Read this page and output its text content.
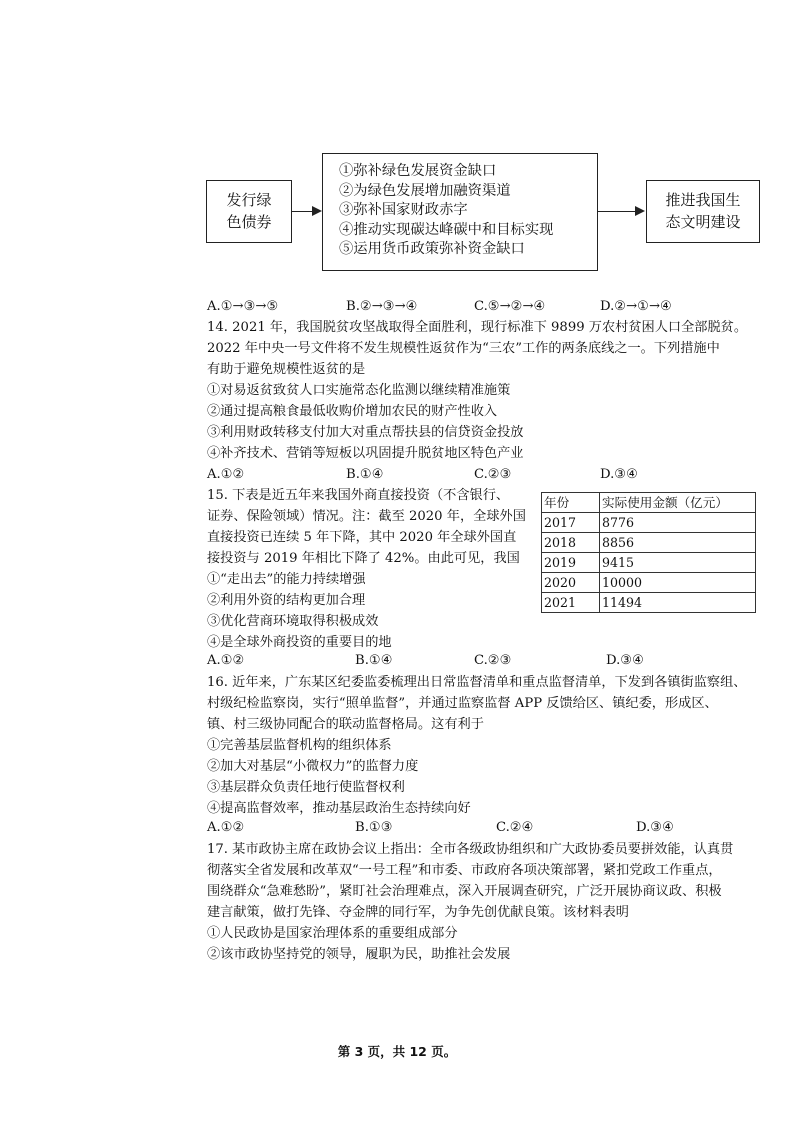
发行绿
色债券
①弥补绿色发展资金缺口
②为绿色发展增加融资渠道
③弥补国家财政赤字
④推动实现碳达峰碳中和目标实现
⑤运用货币政策弥补资金缺口
推进我国生
态文明建设
A.①→③→⑤	B.②→③→④	C.⑤→②→④	D.②→①→④
14. 2021 年，我国脱贫攻坚战取得全面胜利，现行标准下 9899 万农村贫困人口全部脱贫。
2022 年中央一号文件将不发生规模性返贫作为“三农”工作的两条底线之一。下列措施中
有助于避免规模性返贫的是
①对易返贫致贫人口实施常态化监测以继续精准施策
②通过提高粮食最低收购价增加农民的财产性收入
③利用财政转移支付加大对重点帮扶县的信贷资金投放
④补齐技术、营销等短板以巩固提升脱贫地区特色产业
A.①②	B.①④	C.②③	D.③④
15. 下表是近五年来我国外商直接投资（不含银行、
证券、保险领域）情况。注：截至 2020 年，全球外国
直接投资已连续 5 年下降，其中 2020 年全球外国直
接投资与 2019 年相比下降了 42%。由此可见，我国
①“走出去”的能力持续增强
②利用外资的结构更加合理
③优化营商环境取得积极成效
④是全球外商投资的重要目的地
A.①②	B.①④	C.②③	D.③④
年份	实际使用金额（亿元）
2017	8776
2018	8856
2019	9415
2020	10000
2021	11494
16. 近年来，广东某区纪委监委梳理出日常监督清单和重点监督清单，下发到各镇街监察组、
村级纪检监察岗，实行“照单监督”，并通过监察监督 APP 反馈给区、镇纪委，形成区、
镇、村三级协同配合的联动监督格局。这有利于
①完善基层监督机构的组织体系
②加大对基层“小微权力”的监督力度
③基层群众负责任地行使监督权利
④提高监督效率，推动基层政治生态持续向好
A.①②	B.①③	C.②④	D.③④
17. 某市政协主席在政协会议上指出：全市各级政协组织和广大政协委员要拼效能，认真贯
彻落实全省发展和改革双“一号工程”和市委、市政府各项决策部署，紧扣党政工作重点，
围绕群众“急难愁盼”，紧盯社会治理难点，深入开展调查研究，广泛开展协商议政、积极
建言献策，做打先锋、夺金牌的同行军，为争先创优献良策。该材料表明
①人民政协是国家治理体系的重要组成部分
②该市政协坚持党的领导，履职为民，助推社会发展
第 3 页，共 12 页。
